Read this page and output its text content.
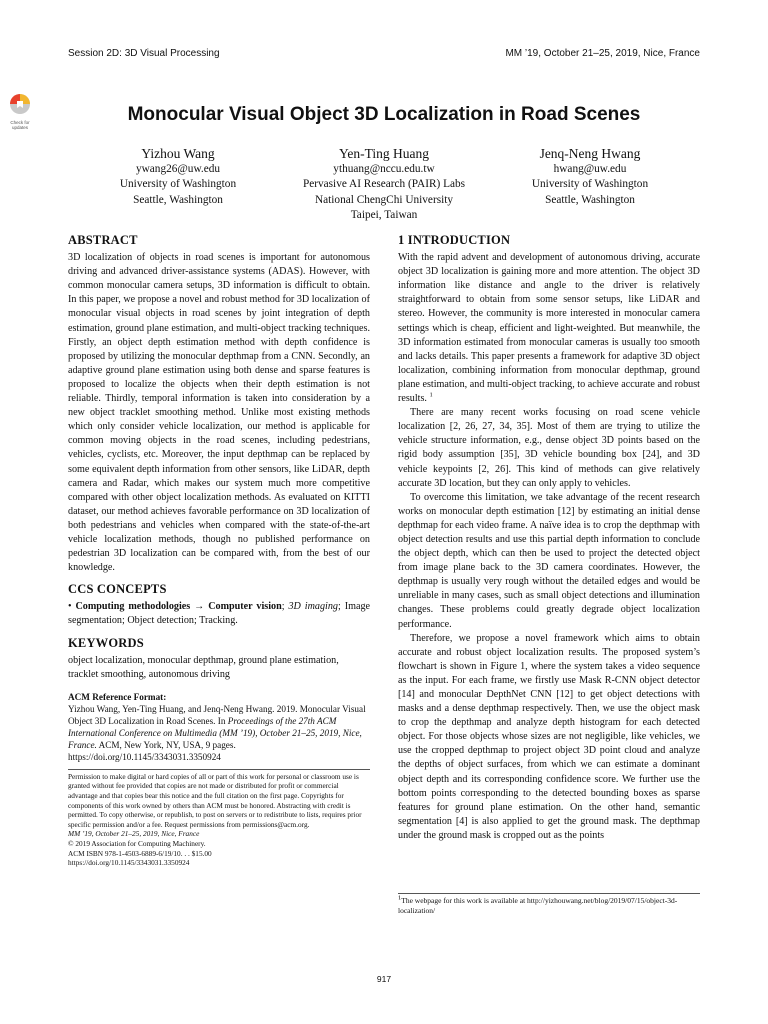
Session 2D: 3D Visual Processing	MM ’19, October 21–25, 2019, Nice, France
Check for
updates
Monocular Visual Object 3D Localization in Road Scenes
Yizhou Wang
ywang26@uw.edu
University of Washington
Seattle, Washington
Yen-Ting Huang
ythuang@nccu.edu.tw
Pervasive AI Research (PAIR) Labs
National ChengChi University
Taipei, Taiwan
Jenq-Neng Hwang
hwang@uw.edu
University of Washington
Seattle, Washington
ABSTRACT

3D localization of objects in road scenes is important for autonomous driving and advanced driver-assistance systems (ADAS). However, with common monocular camera setups, 3D information is difficult to obtain. In this paper, we propose a novel and robust method for 3D localization of monocular visual objects in road scenes by joint integration of depth estimation, ground plane estimation, and multi-object tracking techniques. Firstly, an object depth estimation method with depth confidence is proposed by utilizing the monocular depthmap from a CNN. Secondly, an adaptive ground plane estimation using both dense and sparse features is proposed to localize the objects when their depth estimation is not reliable. Thirdly, temporal information is taken into consideration by a new object tracklet smoothing method. Unlike most existing methods which only consider vehicle localization, our method is applicable for common moving objects in the road scenes, including pedestrians, vehicles, cyclists, etc. Moreover, the input depthmap can be replaced by some equivalent depth information from other sensors, like LiDAR, depth camera and Radar, which makes our system much more competitive compared with other object localization methods. As evaluated on KITTI dataset, our method achieves favorable performance on 3D localization of both pedestrians and vehicles when compared with the state-of-the-art vehicle localization methods, though no published performance on pedestrian 3D localization can be compared with, from the best of our knowledge.

CCS CONCEPTS

• Computing methodologies → Computer vision; 3D imaging; Image segmentation; Object detection; Tracking.

KEYWORDS

object localization, monocular depthmap, ground plane estimation, tracklet smoothing, autonomous driving

ACM Reference Format:
Yizhou Wang, Yen-Ting Huang, and Jenq-Neng Hwang. 2019. Monocular Visual Object 3D Localization in Road Scenes. In Proceedings of the 27th ACM International Conference on Multimedia (MM ’19), October 21–25, 2019, Nice, France. ACM, New York, NY, USA, 9 pages. https://doi.org/10.1145/3343031.3350924
Permission to make digital or hard copies of all or part of this work for personal or classroom use is granted without fee provided that copies are not made or distributed for profit or commercial advantage and that copies bear this notice and the full citation on the first page. Copyrights for components of this work owned by others than ACM must be honored. Abstracting with credit is permitted. To copy otherwise, or republish, to post on servers or to redistribute to lists, requires prior specific permission and/or a fee. Request permissions from permissions@acm.org.
MM ’19, October 21–25, 2019, Nice, France
© 2019 Association for Computing Machinery.
ACM ISBN 978-1-4503-6889-6/19/10. . . $15.00
https://doi.org/10.1145/3343031.3350924
1 INTRODUCTION

With the rapid advent and development of autonomous driving, accurate object 3D localization is gaining more and more attention. The object 3D information like distance and angle to the driver is relatively straightforward to obtain from some sensor setups, like LiDAR and stereo. However, the community is more interested in monocular camera settings which is cheap, efficient and light-weighted. But meanwhile, the 3D information estimated from monocular cameras is usually too smooth and lacks details. This paper presents a framework for adaptive 3D object localization, combining information from monocular depthmap, ground plane estimation, and multi-object tracking, to achieve accurate and robust results. $^1$

There are many recent works focusing on road scene vehicle localization [2, 26, 27, 34, 35]. Most of them are trying to utilize the vehicle structure information, e.g., dense object 3D points based on the rigid body assumption [35], 3D vehicle bounding box [24], and 3D vehicle keypoints [2, 26]. This kind of methods can give relatively accurate 3D location, but they can only apply to vehicles.

To overcome this limitation, we take advantage of the recent research works on monocular depth estimation [12] by estimating an initial dense depthmap for each video frame. A naïve idea is to crop the depthmap with object detection results and use this partial depth information to conclude the object depth, which can then be used to project the detected object from image plane back to the 3D camera coordinates. However, the depthmap is usually very rough without the detailed edges and would be unreliable in many cases, such as small object detections and illumination changes. These problems could greatly degrade object localization performance.

Therefore, we propose a novel framework which aims to obtain accurate and robust object localization results. The proposed system’s flowchart is shown in Figure 1, where the system takes a video sequence as the input. For each frame, we firstly use Mask R-CNN object detector [14] and monocular DepthNet CNN [12] to get object detections with masks and a dense depthmap respectively. Then, we use the object mask to crop the depthmap and analyze depth histogram for each detected object. For those objects whose sizes are not negligible, like vehicles, we use the cropped depthmap to project object 3D point cloud and analyze the depths of object surfaces, from which we can estimate a dominant object depth and its corresponding confidence score. We further use the bottom points corresponding to the detected bounding boxes as sparse features for ground plane estimation. On the other hand, semantic segmentation [4] is also applied to get the ground mask. The depthmap under the ground mask is cropped out as the points

$^1$The webpage for this work is available at http://yizhouwang.net/blog/2019/07/15/object-3d-localization/
917
